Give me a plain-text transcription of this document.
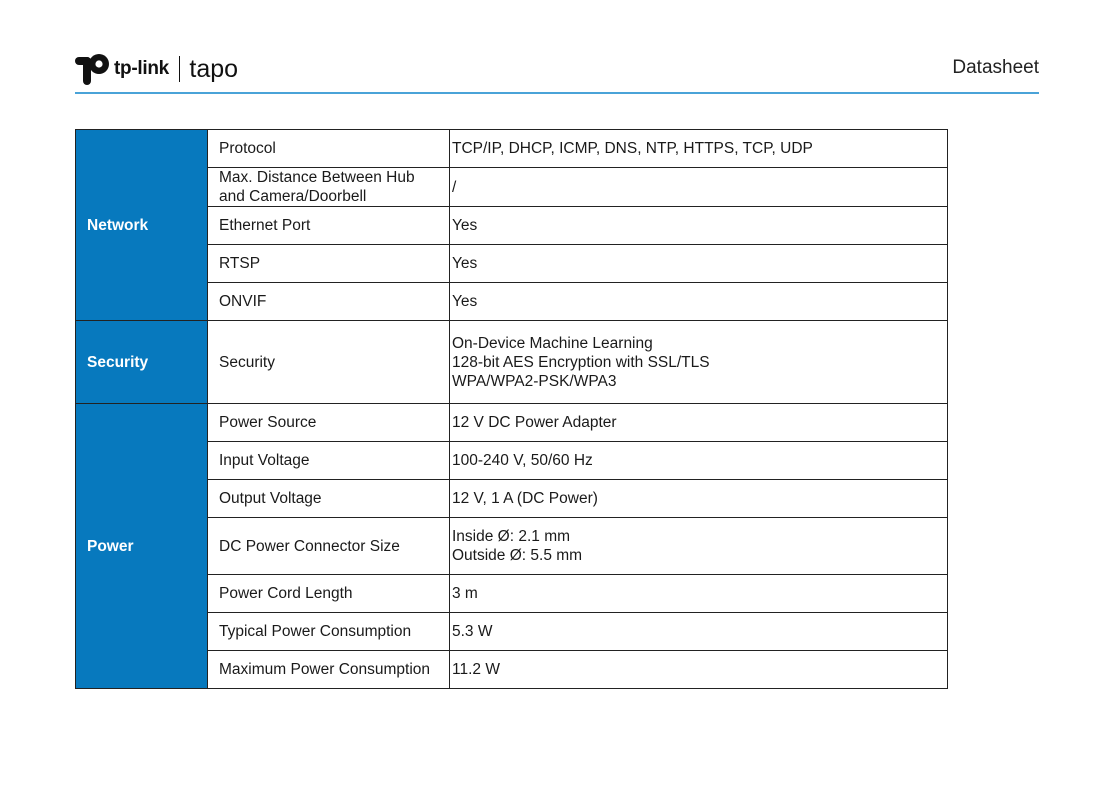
tp-link tapo	Datasheet
Network	Protocol	TCP/IP, DHCP, ICMP, DNS, NTP, HTTPS, TCP, UDP

	Max. Distance Between Hub
and Camera/Doorbell	/
	Ethernet Port	Yes
	RTSP	Yes
	ONVIF	Yes
Security	Security	On-Device Machine Learning
128-bit AES Encryption with SSL/TLS
WPA/WPA2-PSK/WPA3

Power	Power Source	12 V DC Power Adapter
	Input Voltage	100-240 V, 50/60 Hz
	Output Voltage	12 V, 1 A (DC Power)
	DC Power Connector Size	Inside Ø: 2.1 mm
Outside Ø: 5.5 mm

	Power Cord Length	3 m
	Typical Power Consumption	5.3 W
	Maximum Power Consumption	11.2 W
